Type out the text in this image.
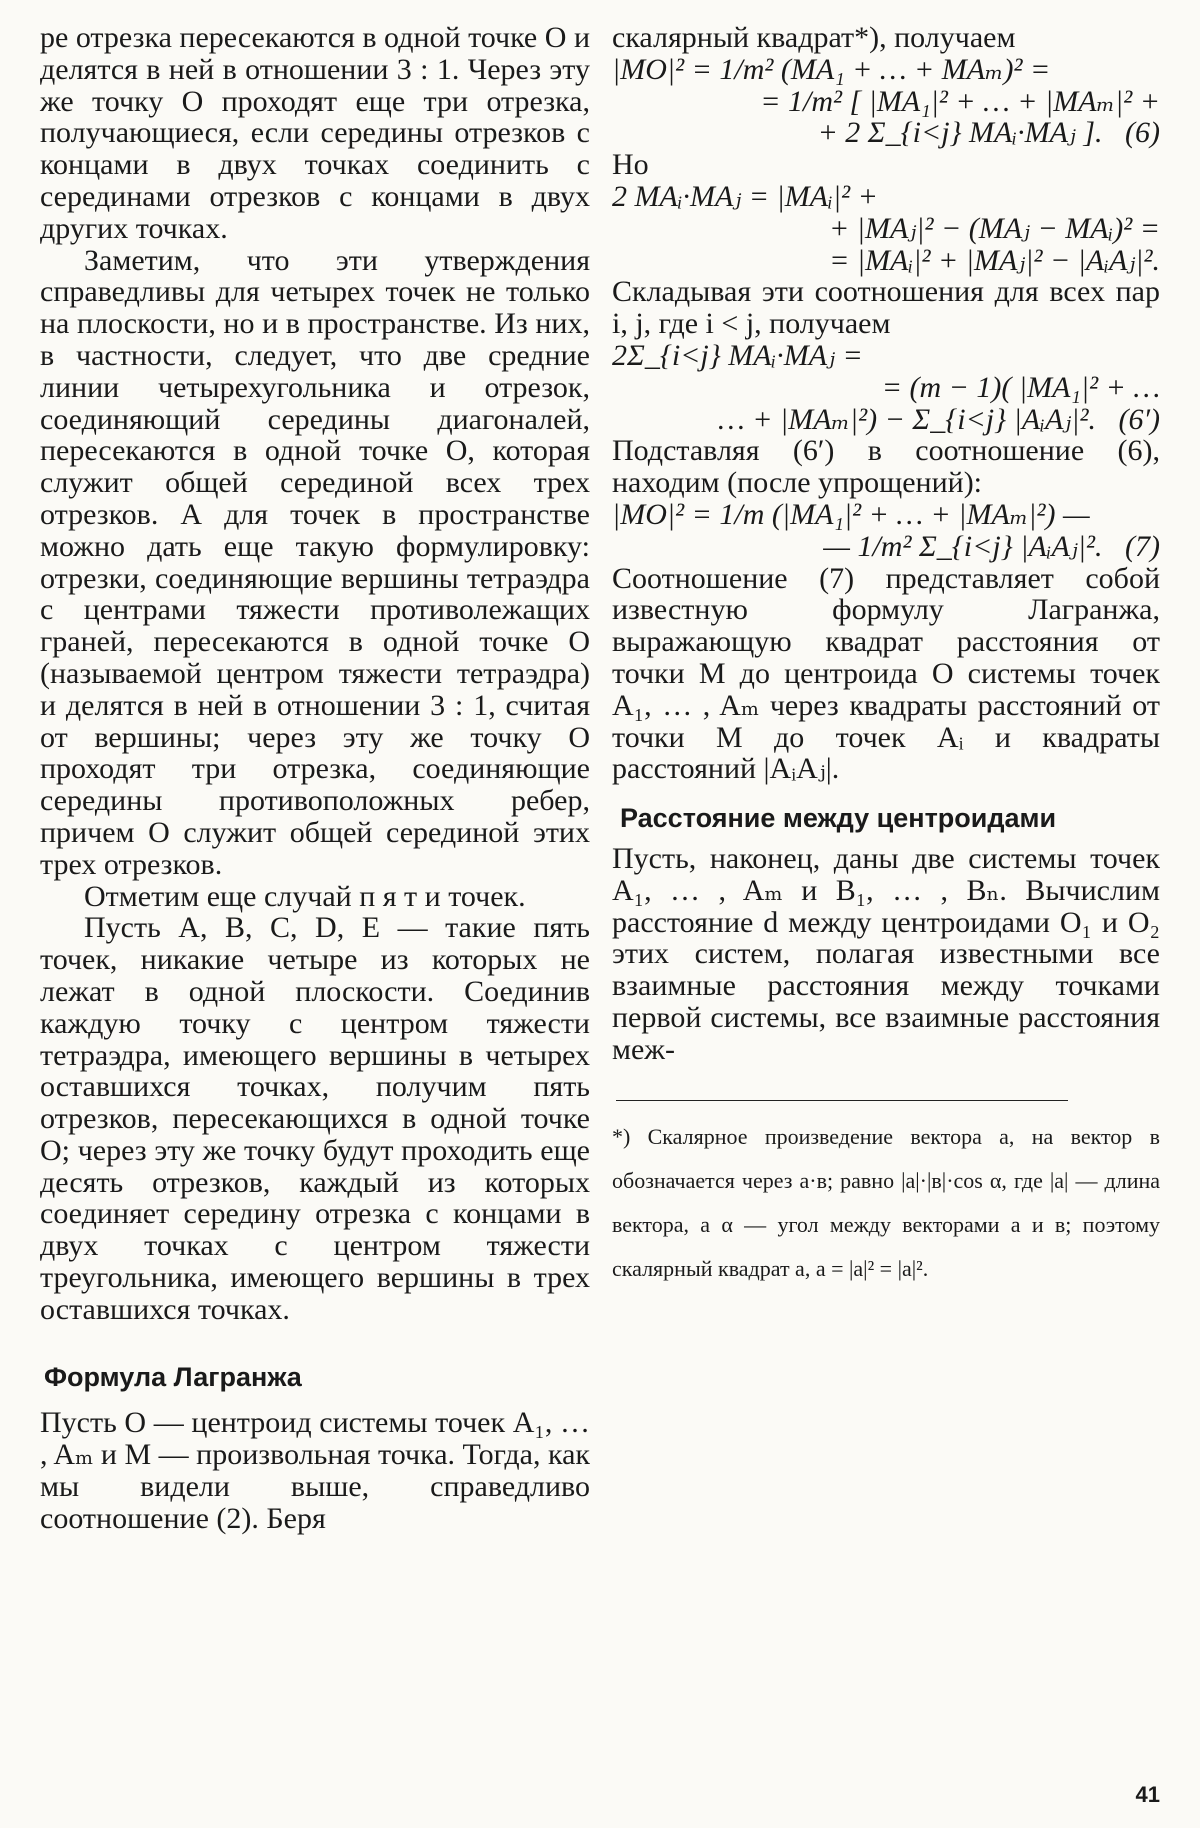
ре отрезка пересекаются в одной точке O и делятся в ней в отношении 3 : 1. Через эту же точку O проходят еще три отрезка, получающиеся, если середины отрезков с концами в двух точках соединить с серединами отрезков с концами в двух других точках.

Заметим, что эти утверждения справедливы для четырех точек не только на плоскости, но и в пространстве. Из них, в частности, следует, что две средние линии четырехугольника и отрезок, соединяющий середины диагоналей, пересекаются в одной точке O, которая служит общей серединой всех трех отрезков. А для точек в пространстве можно дать еще такую формулировку: отрезки, соединяющие вершины тетраэдра с центрами тяжести противолежащих граней, пересекаются в одной точке O (называемой центром тяжести тетраэдра) и делятся в ней в отношении 3 : 1, считая от вершины; через эту же точку O проходят три отрезка, соединяющие середины противоположных ребер, причем O служит общей серединой этих трех отрезков.

Отметим еще случай п я т и точек.

Пусть A, B, C, D, E — такие пять точек, никакие четыре из которых не лежат в одной плоскости. Соединив каждую точку с центром тяжести тетраэдра, имеющего вершины в четырех оставшихся точках, получим пять отрезков, пересекающихся в одной точке O; через эту же точку будут проходить еще десять отрезков, каждый из которых соединяет середину отрезка с концами в двух точках с центром тяжести треугольника, имеющего вершины в трех оставшихся точках.

Формула Лагранжа

Пусть O — центроид системы точек A₁, … , Aₘ и M — произвольная точка. Тогда, как мы видели выше, справедливо соотношение (2). Беря

скалярный квадрат*), получаем

|MO|² = 1/m² (MA₁ + … + MAₘ)² =
= 1/m² [ |MA₁|² + … + |MAₘ|² +
+ 2 Σ_{i<j} MAᵢ·MAⱼ ].   (6)

Но

2 MAᵢ·MAⱼ = |MAᵢ|² +
+ |MAⱼ|² − (MAⱼ − MAᵢ)² =
= |MAᵢ|² + |MAⱼ|² − |AᵢAⱼ|².

Складывая эти соотношения для всех пар i, j, где i < j, получаем

2Σ_{i<j} MAᵢ·MAⱼ =
= (m − 1)( |MA₁|² + …
… + |MAₘ|²) − Σ_{i<j} |AᵢAⱼ|².   (6′)

Подставляя (6′) в соотношение (6), находим (после упрощений):

|MO|² = 1/m (|MA₁|² + … + |MAₘ|²) —
— 1/m² Σ_{i<j} |AᵢAⱼ|².   (7)

Соотношение (7) представляет собой известную формулу Лагранжа, выражающую квадрат расстояния от точки M до центроида O системы точек A₁, … , Aₘ через квадраты расстояний от точки M до точек Aᵢ и квадраты расстояний |AᵢAⱼ|.

Расстояние между центроидами

Пусть, наконец, даны две системы точек A₁, … , Aₘ и B₁, … , Bₙ. Вычислим расстояние d между центроидами O₁ и O₂ этих систем, полагая известными все взаимные расстояния между точками первой системы, все взаимные расстояния меж-

*) Скалярное произведение вектора a, на вектор в обозначается через a·в; равно |a|·|в|·cos α, где |a| — длина вектора, а α — угол между векторами a и в; поэтому скалярный квадрат a, a = |a|² = |a|².

41
